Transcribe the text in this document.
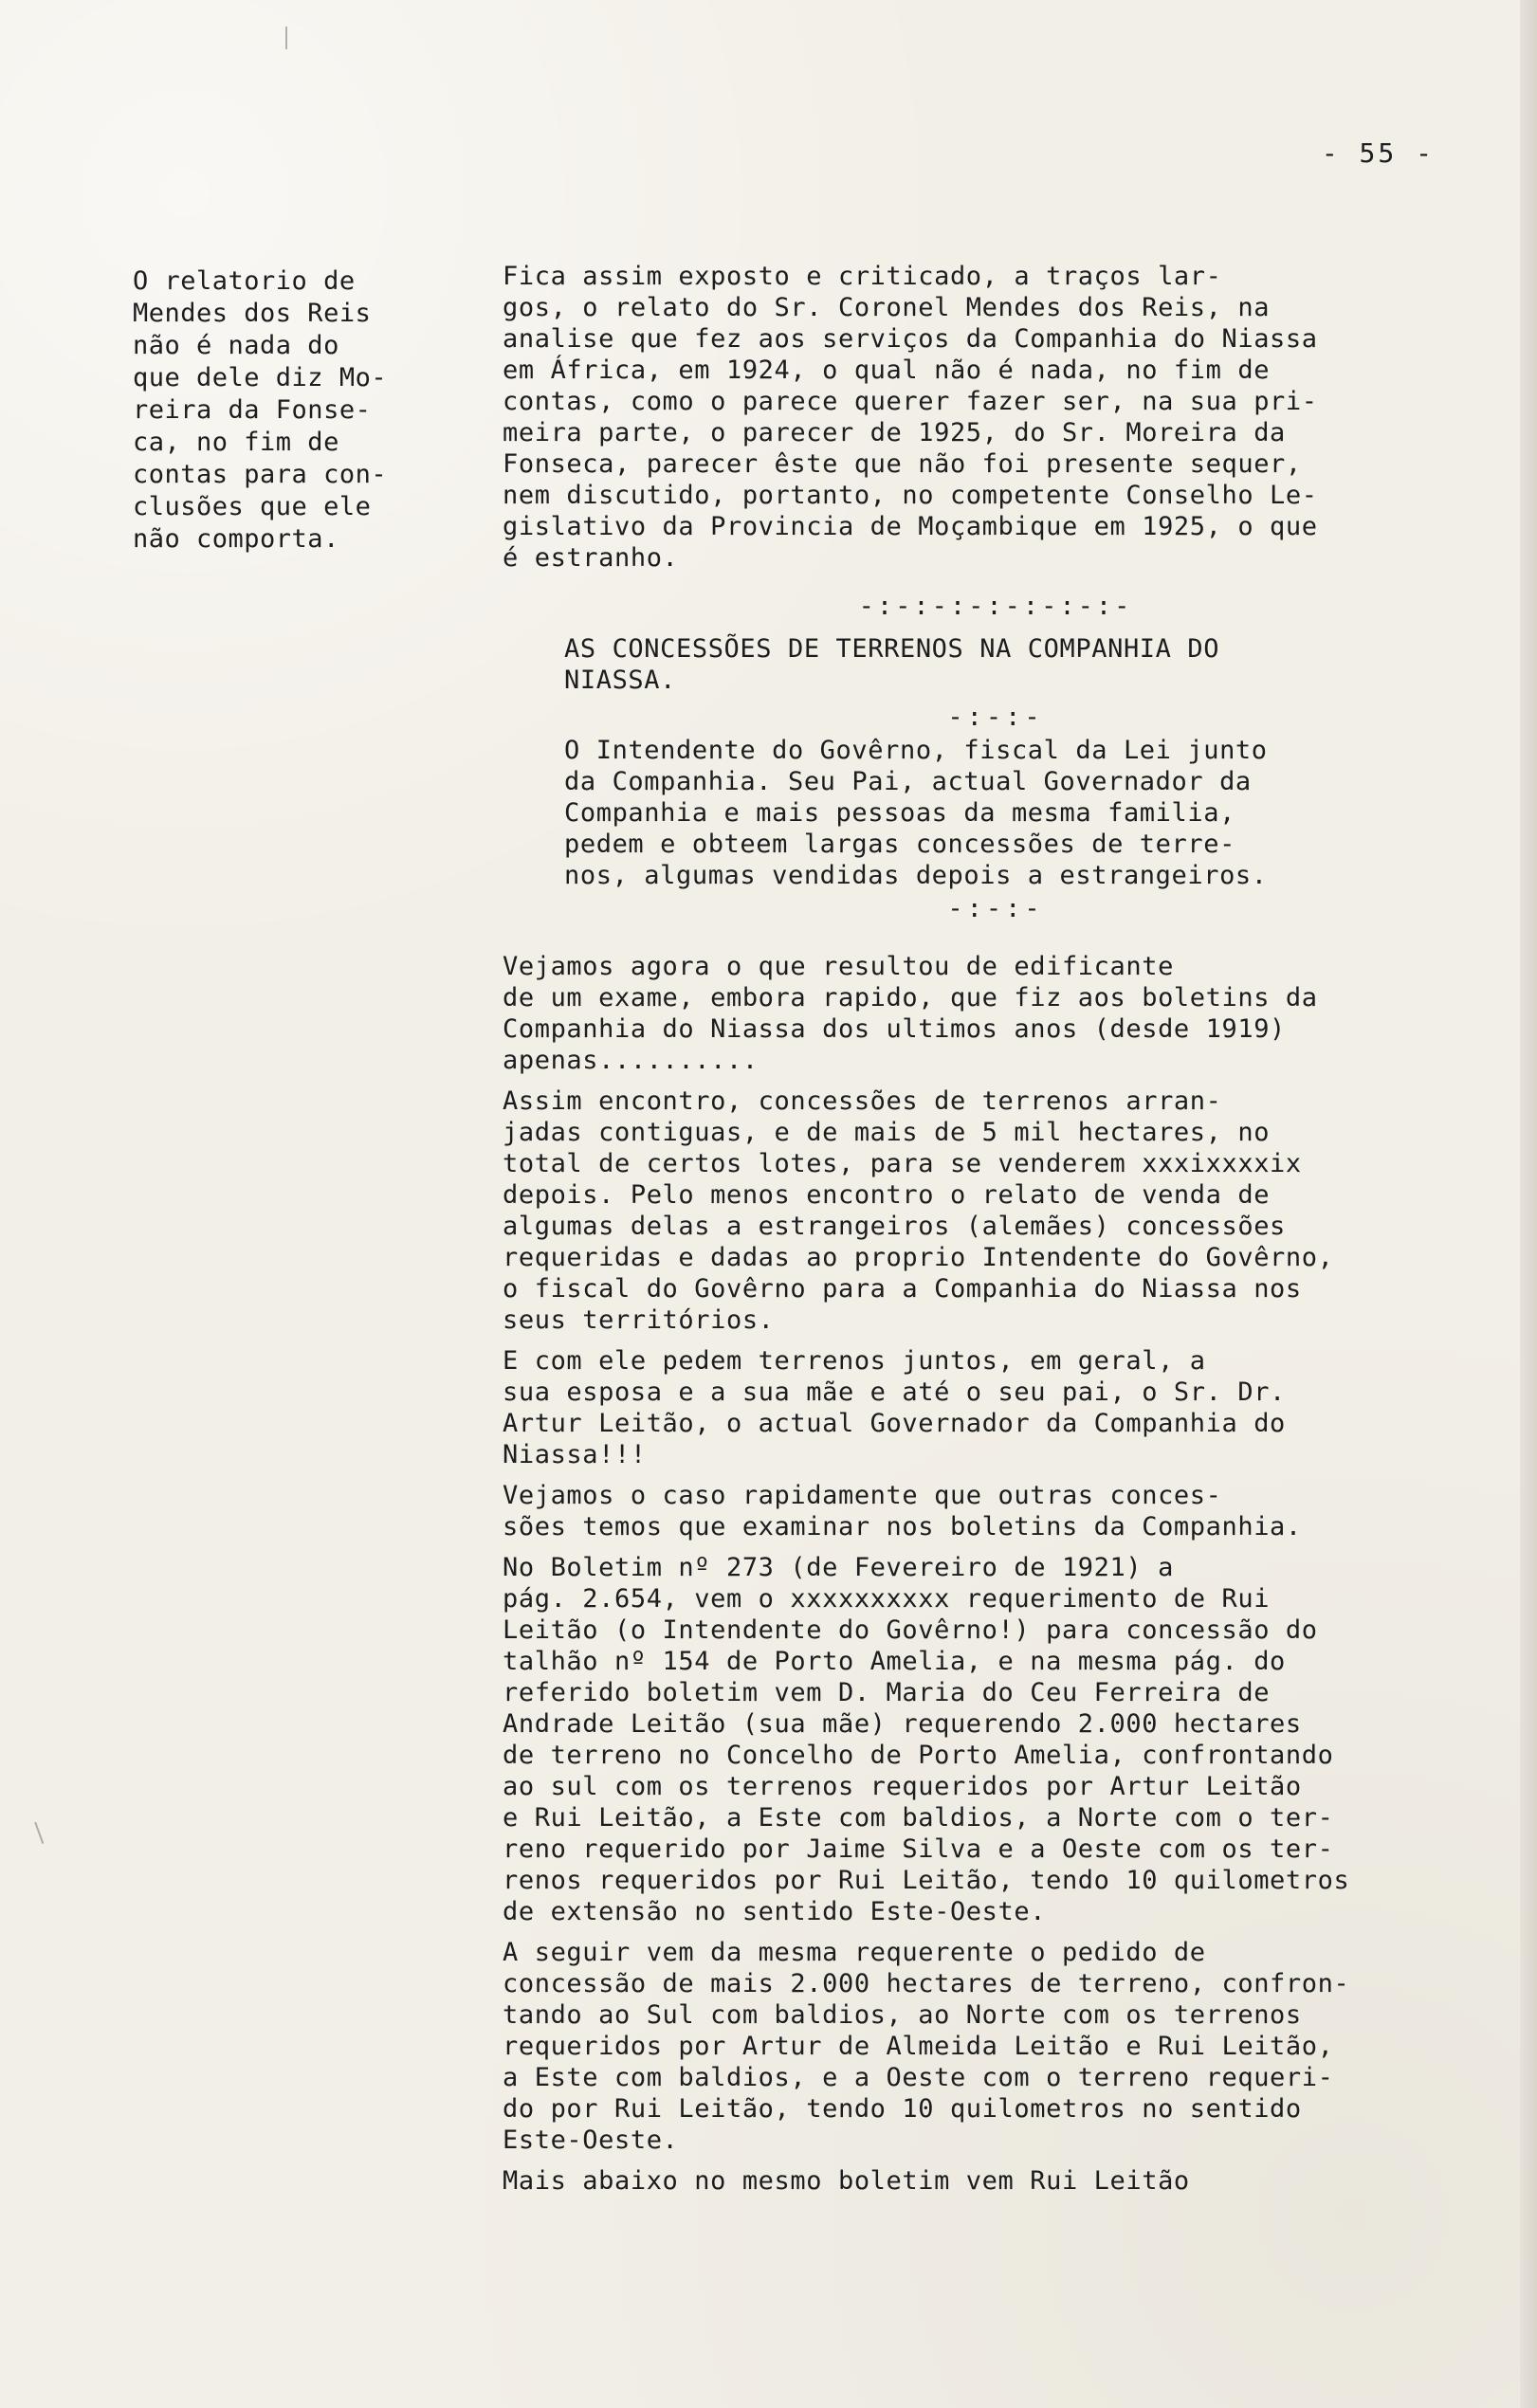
- 55 -
O relatorio de
Mendes dos Reis
não é nada do
que dele diz Mo-
reira da Fonse-
ca, no fim de
contas para con-
clusões que ele
não comporta.
Fica assim exposto e criticado, a traços lar-
gos, o relato do Sr. Coronel Mendes dos Reis, na
analise que fez aos serviços da Companhia do Niassa
em África, em 1924, o qual não é nada, no fim de
contas, como o parece querer fazer ser, na sua pri-
meira parte, o parecer de 1925, do Sr. Moreira da
Fonseca, parecer êste que não foi presente sequer,
nem discutido, portanto, no competente Conselho Le-
gislativo da Provincia de Moçambique em 1925, o que
é estranho.
-:-:-:-:-:-:-:-
AS CONCESSÕES DE TERRENOS NA COMPANHIA DO
NIASSA.
-:-:-
O Intendente do Govêrno, fiscal da Lei junto
da Companhia. Seu Pai, actual Governador da
Companhia e mais pessoas da mesma familia,
pedem e obteem largas concessões de terre-
nos, algumas vendidas depois a estrangeiros.
-:-:-
Vejamos agora o que resultou de edificante
de um exame, embora rapido, que fiz aos boletins da
Companhia do Niassa dos ultimos anos (desde 1919)
apenas..........
Assim encontro, concessões de terrenos arran-
jadas contiguas, e de mais de 5 mil hectares, no
total de certos lotes, para se venderem xxxixxxxix
depois. Pelo menos encontro o relato de venda de
algumas delas a estrangeiros (alemães) concessões
requeridas e dadas ao proprio Intendente do Govêrno,
o fiscal do Govêrno para a Companhia do Niassa nos
seus territórios.
E com ele pedem terrenos juntos, em geral, a
sua esposa e a sua mãe e até o seu pai, o Sr. Dr.
Artur Leitão, o actual Governador da Companhia do
Niassa!!!
Vejamos o caso rapidamente que outras conces-
sões temos que examinar nos boletins da Companhia.
No Boletim nº 273 (de Fevereiro de 1921) a
pág. 2.654, vem o xxxxxxxxxx requerimento de Rui
Leitão (o Intendente do Govêrno!) para concessão do
talhão nº 154 de Porto Amelia, e na mesma pág. do
referido boletim vem D. Maria do Ceu Ferreira de
Andrade Leitão (sua mãe) requerendo 2.000 hectares
de terreno no Concelho de Porto Amelia, confrontando
ao sul com os terrenos requeridos por Artur Leitão
e Rui Leitão, a Este com baldios, a Norte com o ter-
reno requerido por Jaime Silva e a Oeste com os ter-
renos requeridos por Rui Leitão, tendo 10 quilometros
de extensão no sentido Este-Oeste.
A seguir vem da mesma requerente o pedido de
concessão de mais 2.000 hectares de terreno, confron-
tando ao Sul com baldios, ao Norte com os terrenos
requeridos por Artur de Almeida Leitão e Rui Leitão,
a Este com baldios, e a Oeste com o terreno requeri-
do por Rui Leitão, tendo 10 quilometros no sentido
Este-Oeste.
Mais abaixo no mesmo boletim vem Rui Leitão
